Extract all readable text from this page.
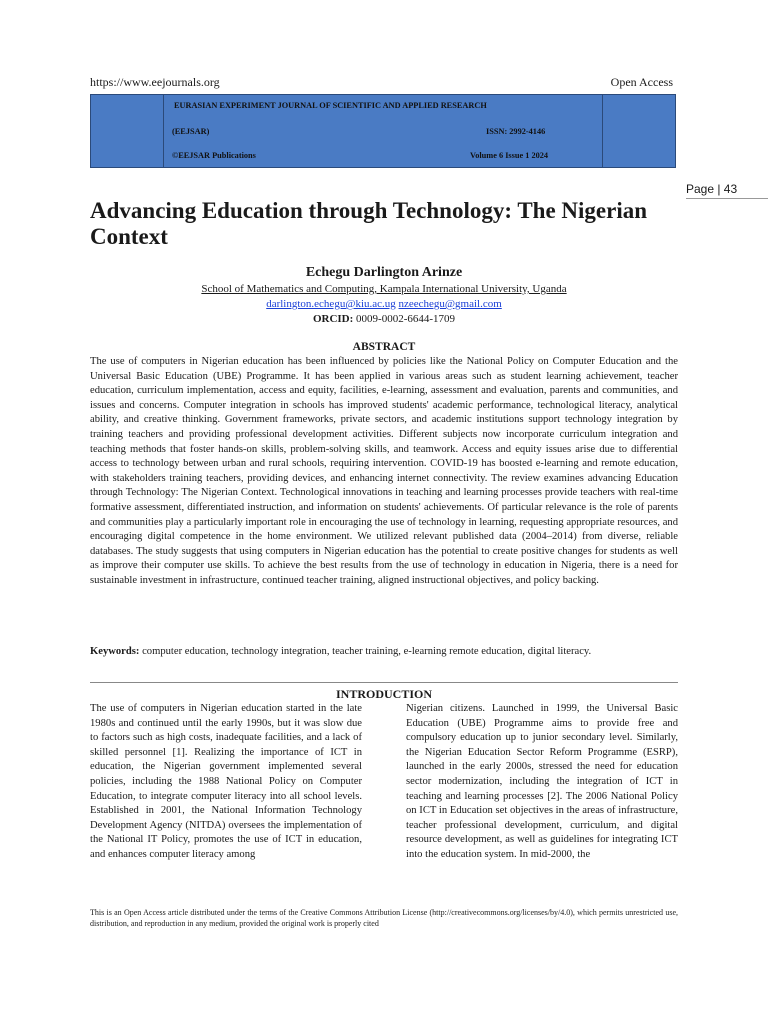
https://www.eejournals.org	Open Access
EURASIAN EXPERIMENT JOURNAL OF SCIENTIFIC AND APPLIED RESEARCH
(EEJSAR)	ISSN: 2992-4146
©EEJSAR Publications	Volume 6 Issue 1 2024
Page | 43
Advancing Education through Technology: The Nigerian Context
Echegu Darlington Arinze
School of Mathematics and Computing, Kampala International University, Uganda
darlington.echegu@kiu.ac.ug nzeechegu@gmail.com
ORCID: 0009-0002-6644-1709
ABSTRACT

The use of computers in Nigerian education has been influenced by policies like the National Policy on Computer Education and the Universal Basic Education (UBE) Programme. It has been applied in various areas such as student learning achievement, teacher education, curriculum implementation, access and equity, facilities, e-learning, assessment and evaluation, parents and communities, and issues and concerns. Computer integration in schools has improved students' academic performance, technological literacy, analytical ability, and creative thinking. Government frameworks, private sectors, and academic institutions support technology integration by training teachers and providing professional development activities. Different subjects now incorporate curriculum integration and teaching methods that foster hands-on skills, problem-solving skills, and teamwork. Access and equity issues arise due to differential access to technology between urban and rural schools, requiring intervention. COVID-19 has boosted e-learning and remote education, with stakeholders training teachers, providing devices, and enhancing internet connectivity. The review examines advancing Education through Technology: The Nigerian Context. Technological innovations in teaching and learning processes provide teachers with real-time formative assessment, differentiated instruction, and information on students' achievements. Of particular relevance is the role of parents and communities play a particularly important role in encouraging the use of technology in learning, requesting appropriate resources, and encouraging digital competence in the home environment. We utilized relevant published data (2004–2014) from diverse, reliable databases. The study suggests that using computers in Nigerian education has the potential to create positive changes for students as well as improve their computer use skills. To achieve the best results from the use of technology in education in Nigeria, there is a need for sustainable investment in infrastructure, continued teacher training, aligned instructional objectives, and policy backing.

Keywords: computer education, technology integration, teacher training, e-learning remote education, digital literacy.

INTRODUCTION

The use of computers in Nigerian education started in the late 1980s and continued until the early 1990s, but it was slow due to factors such as high costs, inadequate facilities, and a lack of skilled personnel [1]. Realizing the importance of ICT in education, the Nigerian government implemented several policies, including the 1988 National Policy on Computer Education, to integrate computer literacy into all school levels. Established in 2001, the National Information Technology Development Agency (NITDA) oversees the implementation of the National IT Policy, promotes the use of ICT in education, and enhances computer literacy among

Nigerian citizens. Launched in 1999, the Universal Basic Education (UBE) Programme aims to provide free and compulsory education up to junior secondary level. Similarly, the Nigerian Education Sector Reform Programme (ESRP), launched in the early 2000s, stressed the need for education sector modernization, including the integration of ICT in teaching and learning processes [2]. The 2006 National Policy on ICT in Education set objectives in the areas of infrastructure, teacher professional development, curriculum, and digital resource development, as well as guidelines for integrating ICT into the education system. In mid-2000, the

This is an Open Access article distributed under the terms of the Creative Commons Attribution License (http://creativecommons.org/licenses/by/4.0), which permits unrestricted use, distribution, and reproduction in any medium, provided the original work is properly cited
